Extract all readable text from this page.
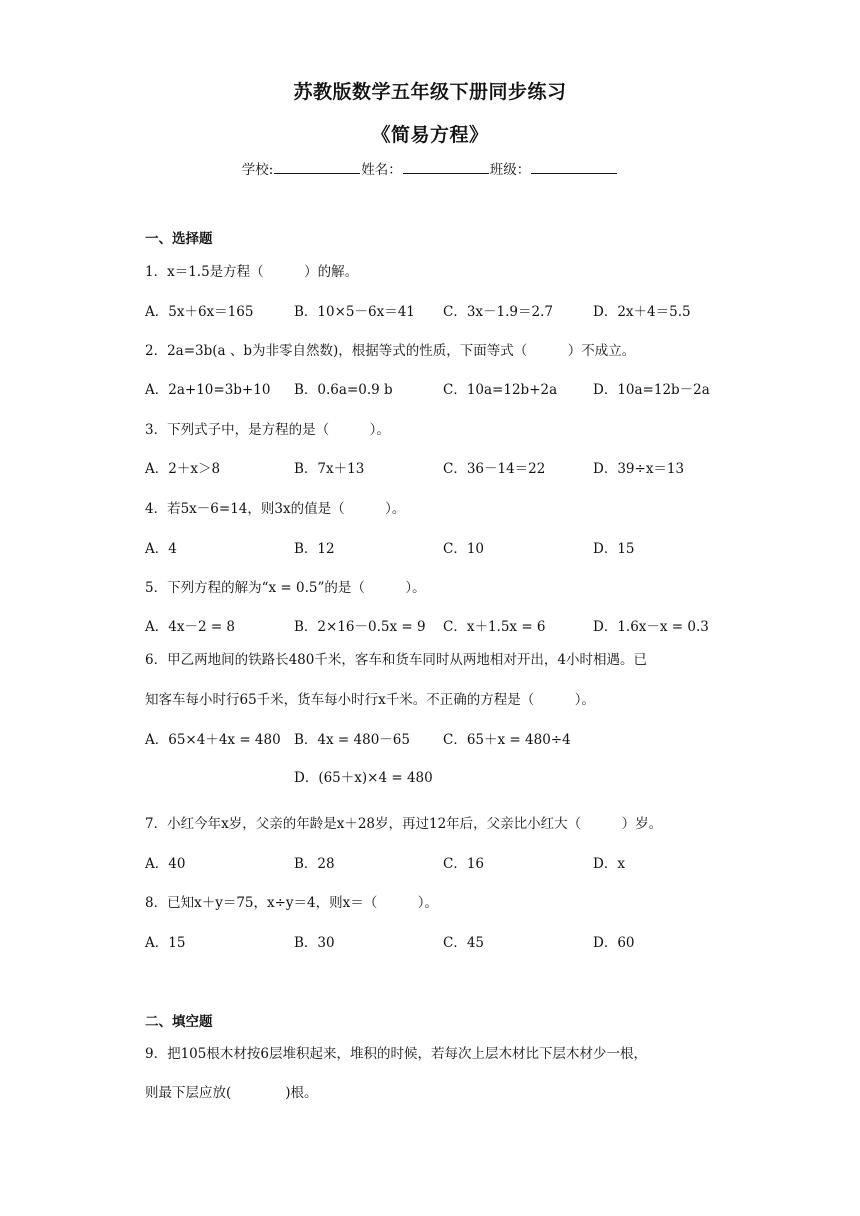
苏教版数学五年级下册同步练习
《简易方程》
学校:	姓名：	班级：
一、选择题
1．x＝1.5是方程（　　　）的解。
A．5x＋6x＝165	B．10×5－6x＝41 C．3x－1.9＝2.7	D．2x＋4＝5.5
2．2a=3b(a 、b为非零自然数)，根据等式的性质，下面等式（　　　）不成立。
A．2a+10=3b+10 B．0.6a=0.9 b	C．10a=12b+2a	D．10a=12b－2a
3．下列式子中，是方程的是（　　　）。
A．2＋x＞8	B．7x＋13	C．36－14＝22	D．39÷x＝13
4．若5x－6=14，则3x的值是（　　　）。
A．4	B．12	C．10	D．15
5．下列方程的解为“x = 0.5”的是（　　　）。
A．4x－2 = 8	B．2×16－0.5x = 9 C．x＋1.5x = 6	D．1.6x－x = 0.3
6．甲乙两地间的铁路长480千米，客车和货车同时从两地相对开出，4小时相遇。已
知客车每小时行65千米，货车每小时行x千米。不正确的方程是（　　　）。
A．65×4＋4x = 480 B．4x = 480－65 C．65＋x = 480÷4
D．(65＋x)×4 = 480
7．小红今年x岁，父亲的年龄是x＋28岁，再过12年后，父亲比小红大（　　　）岁。
A．40	B．28	C．16	D．x
8．已知x＋y＝75，x÷y＝4，则x＝（　　　）。
A．15	B．30	C．45	D．60
二、填空题
9．把105根木材按6层堆积起来，堆积的时候，若每次上层木材比下层木材少一根，
则最下层应放(　　　　)根。
